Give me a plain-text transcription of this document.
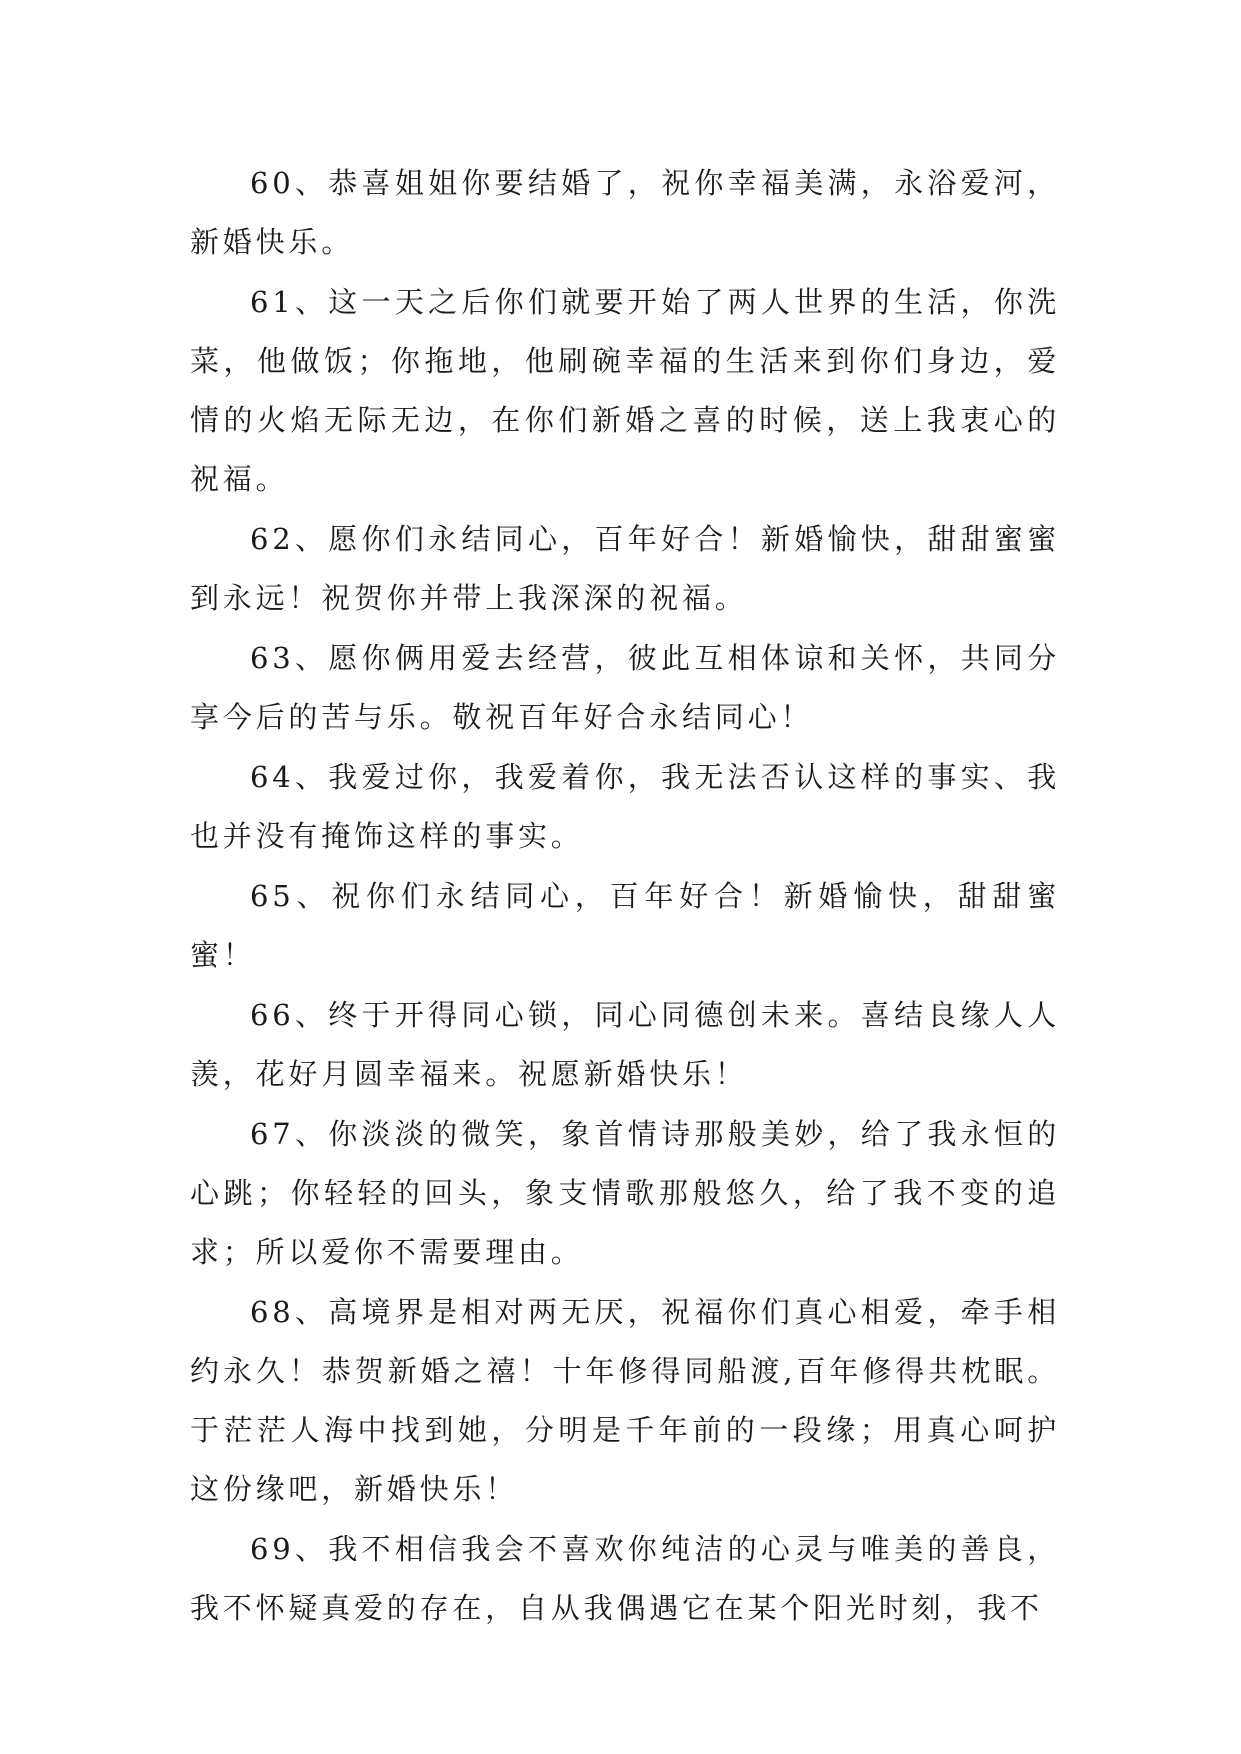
60、恭喜姐姐你要结婚了，祝你幸福美满，永浴爱河，新婚快乐。

61、这一天之后你们就要开始了两人世界的生活，你洗菜，他做饭；你拖地，他刷碗幸福的生活来到你们身边，爱情的火焰无际无边，在你们新婚之喜的时候，送上我衷心的祝福。

62、愿你们永结同心，百年好合！新婚愉快，甜甜蜜蜜到永远！祝贺你并带上我深深的祝福。

63、愿你俩用爱去经营，彼此互相体谅和关怀，共同分享今后的苦与乐。敬祝百年好合永结同心！

64、我爱过你，我爱着你，我无法否认这样的事实、我也并没有掩饰这样的事实。

65、祝你们永结同心，百年好合！新婚愉快，甜甜蜜蜜！

66、终于开得同心锁，同心同德创未来。喜结良缘人人羡，花好月圆幸福来。祝愿新婚快乐！

67、你淡淡的微笑，象首情诗那般美妙，给了我永恒的心跳；你轻轻的回头，象支情歌那般悠久，给了我不变的追求；所以爱你不需要理由。

68、高境界是相对两无厌，祝福你们真心相爱，牵手相约永久！恭贺新婚之禧！十年修得同船渡,百年修得共枕眠。于茫茫人海中找到她，分明是千年前的一段缘；用真心呵护这份缘吧，新婚快乐！

69、我不相信我会不喜欢你纯洁的心灵与唯美的善良，我不怀疑真爱的存在，自从我偶遇它在某个阳光时刻，我不
